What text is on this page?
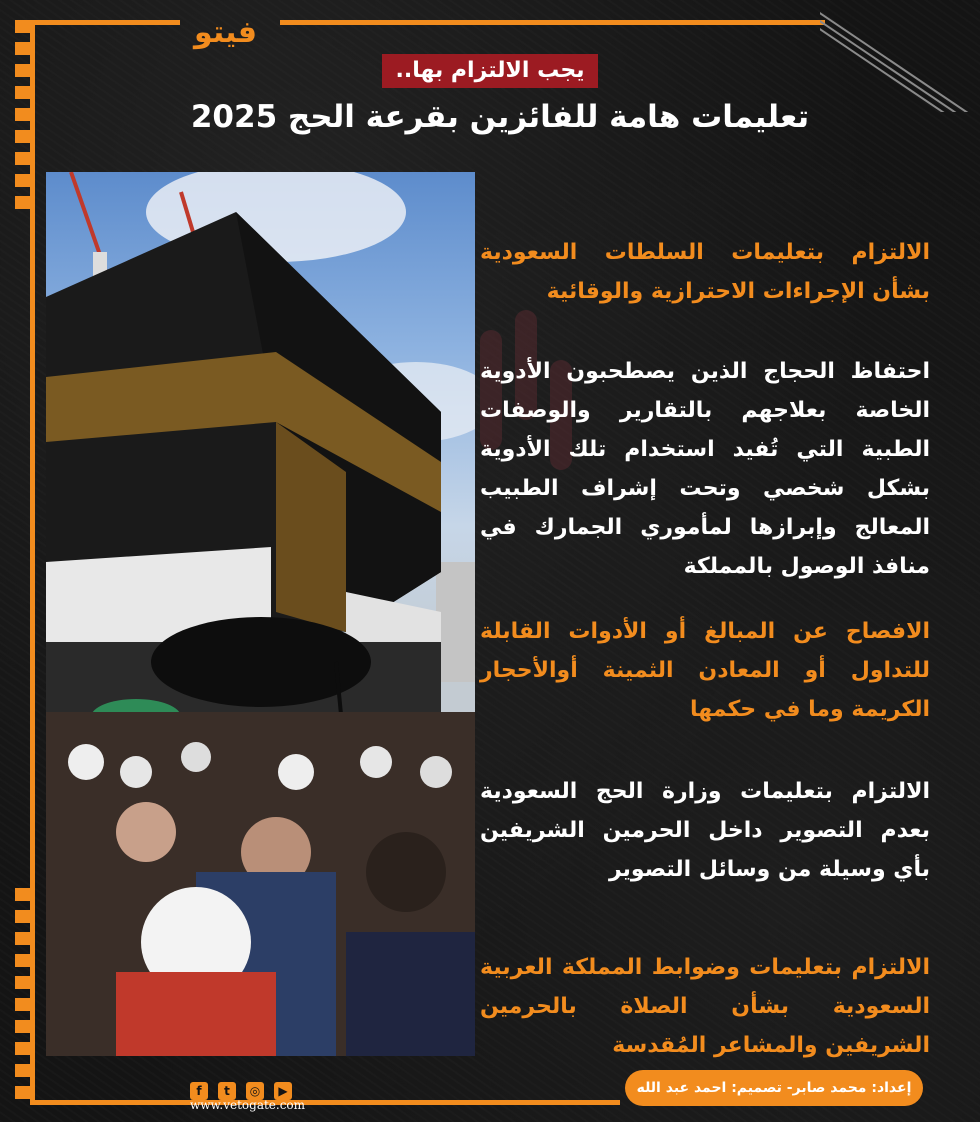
فيتو
يجب الالتزام بها..
تعليمات هامة للفائزين بقرعة الحج 2025
الالتزام بتعليمات السلطات السعودية بشأن الإجراءات الاحترازية والوقائية
احتفاظ الحجاج الذين يصطحبون الأدوية الخاصة بعلاجهم بالتقارير والوصفات الطبية التي تُفيد استخدام تلك الأدوية بشكل شخصي وتحت إشراف الطبيب المعالج وإبرازها لمأموري الجمارك في منافذ الوصول بالمملكة
الافصاح عن المبالغ أو الأدوات القابلة للتداول أو المعادن الثمينة أوالأحجار الكريمة وما في حكمها
الالتزام بتعليمات وزارة الحج السعودية بعدم التصوير داخل الحرمين الشريفين بأي وسيلة من وسائل التصوير
الالتزام بتعليمات وضوابط المملكة العربية السعودية بشأن الصلاة بالحرمين الشريفين والمشاعر المُقدسة
f t ◎ ▶
www.vetogate.com
إعداد: محمد صابر- تصميم: احمد عبد الله
